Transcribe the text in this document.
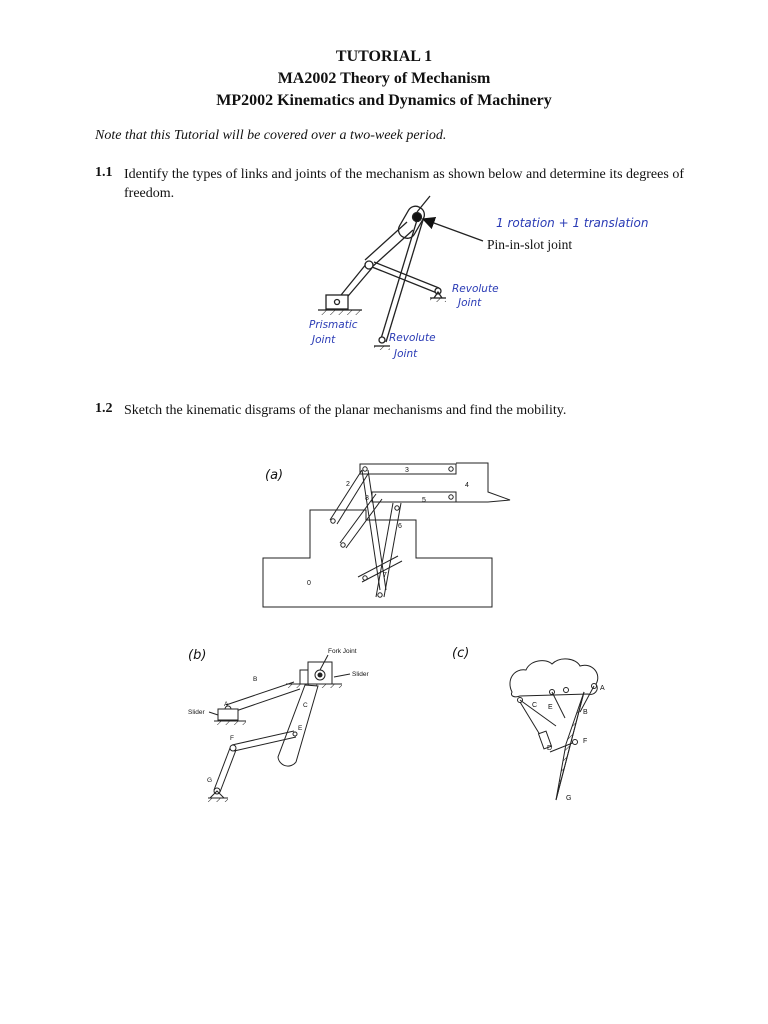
TUTORIAL 1
MA2002 Theory of Mechanism
MP2002 Kinematics and Dynamics of Machinery
Note that this Tutorial will be covered over a two-week period.
1.1 Identify the types of links and joints of the mechanism as shown below and determine its degrees of freedom.
1.2 Sketch the kinematic disgrams of the planar mechanisms and find the mobility.
Pin-in-slot joint
1 rotation + 1 translation
Revolute
Joint
Prismatic
Joint	Revolute
Joint
(a)
0
2
3
4
5
6
7
8
(b)	Fork Joint
Slider
Slider
A
B
C
E
F
G
(c)
A
B
C E
D
F
G
